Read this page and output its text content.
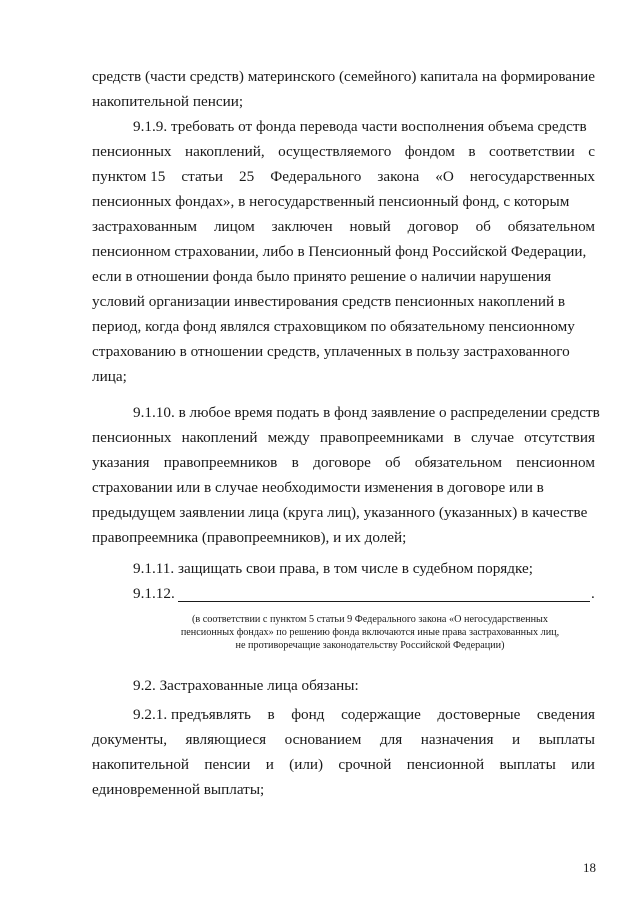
средств (части средств) материнского (семейного) капитала на формирование
накопительной пенсии;
9.1.9. требовать от фонда перевода части восполнения объема средств
пенсионных накоплений, осуществляемого фондом в соответствии с
пунктом 15 статьи 25 Федерального закона «О негосударственных
пенсионных фондах», в негосударственный пенсионный фонд, с которым
застрахованным лицом заключен новый договор об обязательном
пенсионном страховании, либо в Пенсионный фонд Российской Федерации,
если в отношении фонда было принято решение о наличии нарушения
условий организации инвестирования средств пенсионных накоплений в
период, когда фонд являлся страховщиком по обязательному пенсионному
страхованию в отношении средств, уплаченных в пользу застрахованного
лица;
9.1.10. в любое время подать в фонд заявление о распределении средств
пенсионных накоплений между правопреемниками в случае отсутствия
указания правопреемников в договоре об обязательном пенсионном
страховании или в случае необходимости изменения в договоре или в
предыдущем заявлении лица (круга лиц), указанного (указанных) в качестве
правопреемника (правопреемников), и их долей;
9.1.11. защищать свои права, в том числе в судебном порядке;
9.1.12.	.
(в соответствии с пунктом 5 статьи 9 Федерального закона «О негосударственных
пенсионных фондах» по решению фонда включаются иные права застрахованных лиц,
не противоречащие законодательству Российской Федерации)
9.2. Застрахованные лица обязаны:
9.2.1. предъявлять в фонд содержащие достоверные сведения
документы, являющиеся основанием для назначения и выплаты
накопительной пенсии и (или) срочной пенсионной выплаты или
единовременной выплаты;
18
